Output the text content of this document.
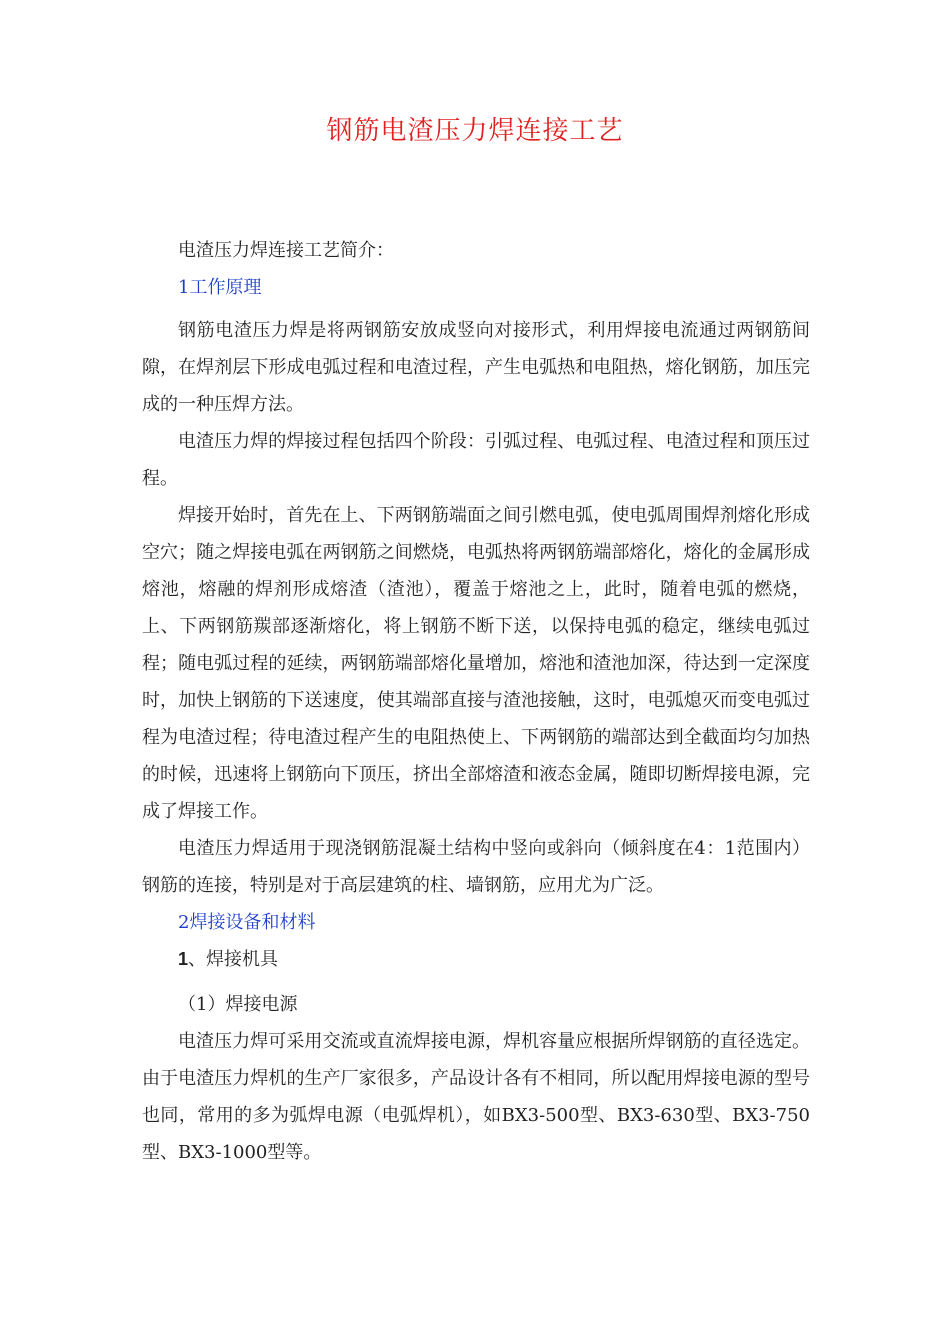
钢筋电渣压力焊连接工艺

电渣压力焊连接工艺简介：

1工作原理

钢筋电渣压力焊是将两钢筋安放成竖向对接形式，利用焊接电流通过两钢筋间隙，在焊剂层下形成电弧过程和电渣过程，产生电弧热和电阻热，熔化钢筋，加压完成的一种压焊方法。

电渣压力焊的焊接过程包括四个阶段：引弧过程、电弧过程、电渣过程和顶压过程。

焊接开始时，首先在上、下两钢筋端面之间引燃电弧，使电弧周围焊剂熔化形成空穴；随之焊接电弧在两钢筋之间燃烧，电弧热将两钢筋端部熔化，熔化的金属形成熔池，熔融的焊剂形成熔渣（渣池），覆盖于熔池之上，此时，随着电弧的燃烧，上、下两钢筋羰部逐渐熔化，将上钢筋不断下送，以保持电弧的稳定，继续电弧过程；随电弧过程的延续，两钢筋端部熔化量增加，熔池和渣池加深，待达到一定深度时，加快上钢筋的下送速度，使其端部直接与渣池接触，这时，电弧熄灭而变电弧过程为电渣过程；待电渣过程产生的电阻热使上、下两钢筋的端部达到全截面均匀加热的时候，迅速将上钢筋向下顶压，挤出全部熔渣和液态金属，随即切断焊接电源，完成了焊接工作。

电渣压力焊适用于现浇钢筋混凝土结构中竖向或斜向（倾斜度在4：1范围内）钢筋的连接，特别是对于高层建筑的柱、墙钢筋，应用尤为广泛。

2焊接设备和材料

1、焊接机具

（1）焊接电源

电渣压力焊可采用交流或直流焊接电源，焊机容量应根据所焊钢筋的直径选定。由于电渣压力焊机的生产厂家很多，产品设计各有不相同，所以配用焊接电源的型号也同，常用的多为弧焊电源（电弧焊机），如BX3-500型、BX3-630型、BX3-750型、BX3-1000型等。
